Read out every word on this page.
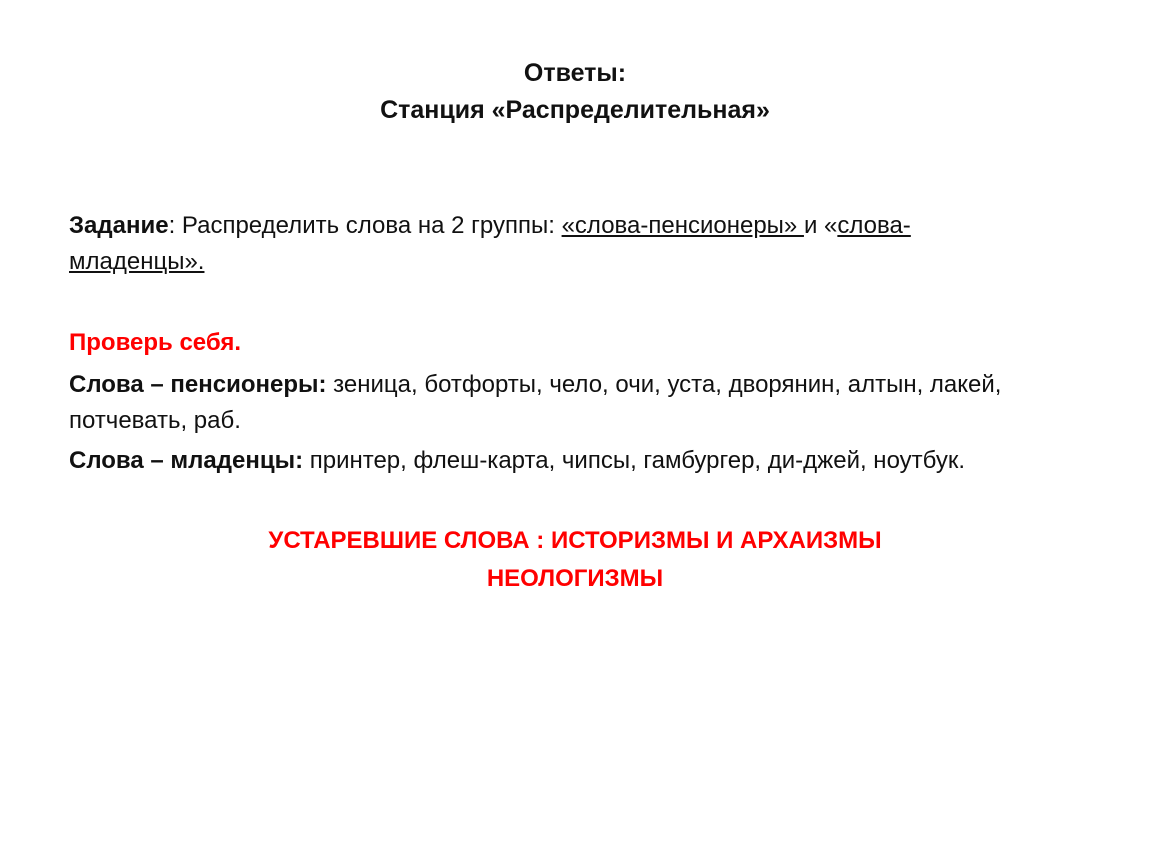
Ответы:
Станция «Распределительная»
Задание: Распределить слова на 2 группы: «слова-пенсионеры» и «слова-
младенцы».
Проверь себя.
Слова – пенсионеры: зеница, ботфорты, чело, очи, уста, дворянин, алтын, лакей, потчевать, раб.
Слова – младенцы: принтер, флеш-карта, чипсы, гамбургер, ди-джей, ноутбук.
УСТАРЕВШИЕ СЛОВА : ИСТОРИЗМЫ И АРХАИЗМЫ
НЕОЛОГИЗМЫ
